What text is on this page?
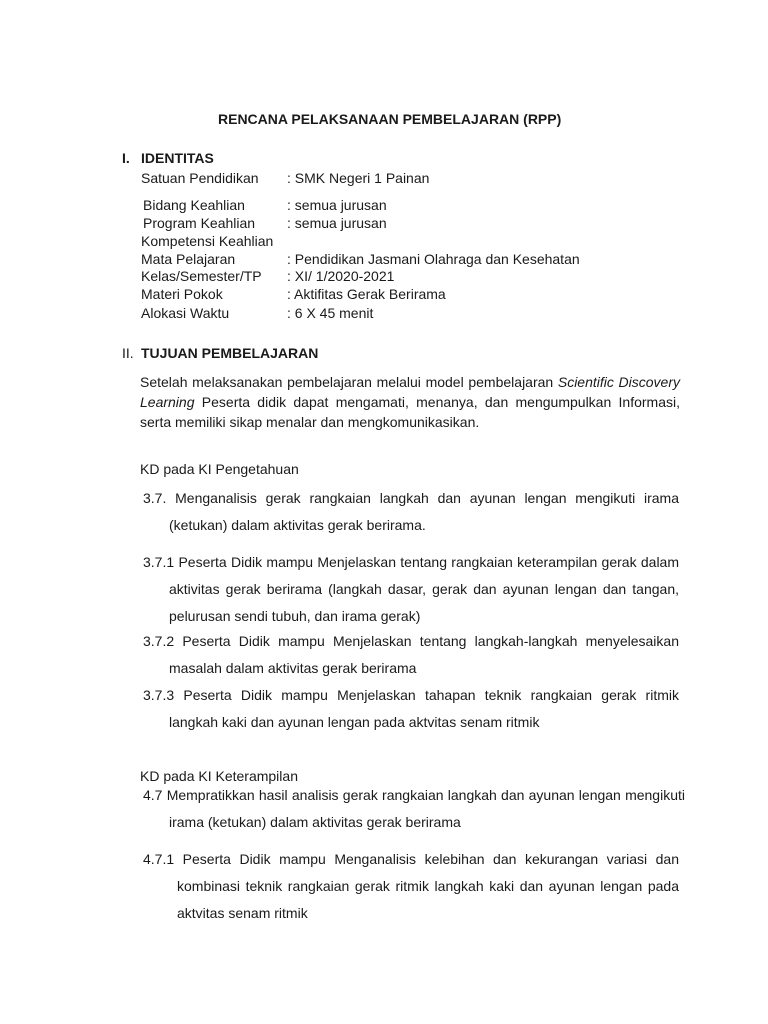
RENCANA PELAKSANAAN PEMBELAJARAN (RPP)
I. IDENTITAS
Satuan Pendidikan : SMK Negeri 1 Painan
Bidang Keahlian	: semua jurusan
Program Keahlian : semua jurusan
Kompetensi Keahlian
Mata Pelajaran	: Pendidikan Jasmani Olahraga dan Kesehatan
Kelas/Semester/TP : XI/ 1/2020-2021
Materi Pokok	: Aktifitas Gerak Berirama
Alokasi Waktu	: 6 X 45 menit
II. TUJUAN PEMBELAJARAN
Setelah melaksanakan pembelajaran melalui model pembelajaran Scientific Discovery Learning Peserta didik dapat mengamati, menanya, dan mengumpulkan Informasi, serta memiliki sikap menalar dan mengkomunikasikan.
KD pada KI Pengetahuan
3.7. Menganalisis gerak rangkaian langkah dan ayunan lengan mengikuti irama (ketukan) dalam aktivitas gerak berirama.
3.7.1 Peserta Didik mampu Menjelaskan tentang rangkaian keterampilan gerak dalam aktivitas gerak berirama (langkah dasar, gerak dan ayunan lengan dan tangan, pelurusan sendi tubuh, dan irama gerak)
3.7.2 Peserta Didik mampu Menjelaskan tentang langkah-langkah menyelesaikan masalah dalam aktivitas gerak berirama
3.7.3 Peserta Didik mampu Menjelaskan tahapan teknik rangkaian gerak ritmik langkah kaki dan ayunan lengan pada aktvitas senam ritmik
KD pada KI Keterampilan
4.7 Mempratikkan hasil analisis gerak rangkaian langkah dan ayunan lengan mengikuti irama (ketukan) dalam aktivitas gerak berirama
4.7.1 Peserta Didik mampu Menganalisis kelebihan dan kekurangan variasi dan kombinasi teknik rangkaian gerak ritmik langkah kaki dan ayunan lengan pada aktvitas senam ritmik
